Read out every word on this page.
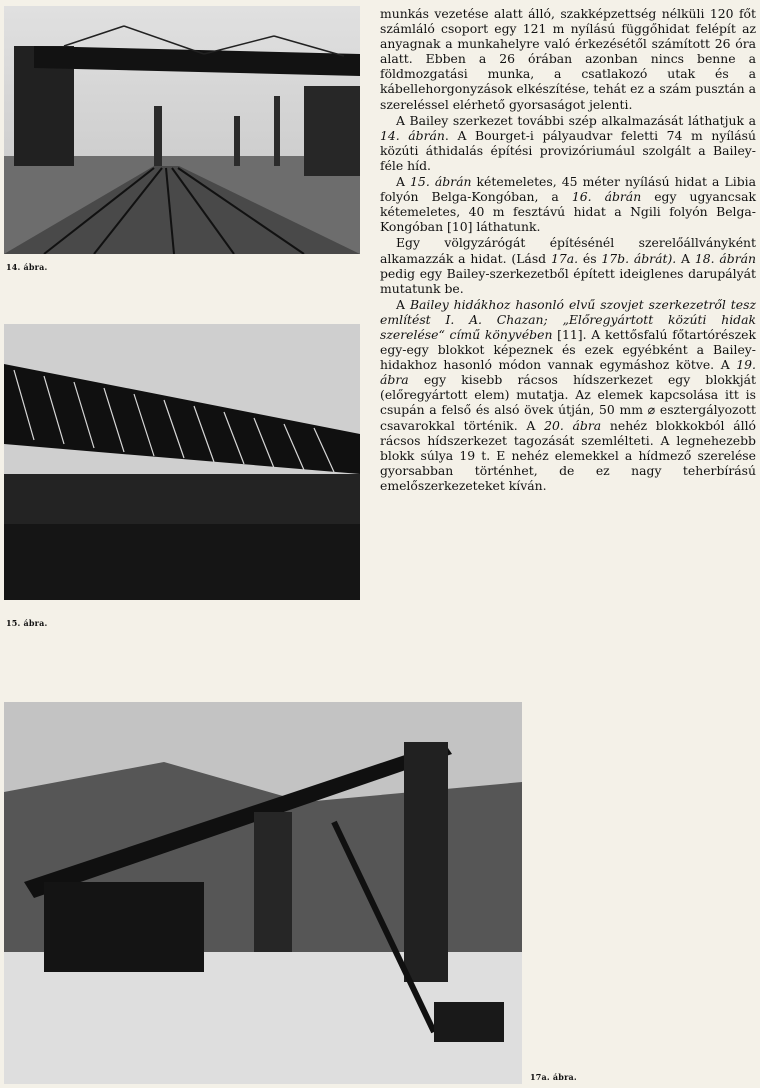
14. ábra.
15. ábra.
17a. ábra.

munkás vezetése alatt álló, szakképzettség nélküli 120 főt számláló csoport egy 121 m nyílású függőhidat felépít az anyagnak a munkahelyre való érkezésétől számított 26 óra alatt. Ebben a 26 órában azonban nincs benne a földmozgatási munka, a csatlakozó utak és a kábellehorgonyzások elkészítése, tehát ez a szám pusztán a szereléssel elérhető gyorsaságot jelenti.

A Bailey szerkezet további szép alkalmazását láthatjuk a 14. ábrán. A Bourget-i pályaudvar feletti 74 m nyílású közúti áthidalás építési provizóriumául szolgált a Bailey-féle híd.

A 15. ábrán kétemeletes, 45 méter nyílású hidat a Libia folyón Belga-Kongóban, a 16. ábrán egy ugyancsak kétemeletes, 40 m fesztávú hidat a Ngili folyón Belga-Kongóban [10] láthatunk.

Egy völgyzárógát építésénél szerelőállványként alkamazzák a hidat. (Lásd 17a. és 17b. ábrát). A 18. ábrán pedig egy Bailey-szerkezetből épített ideiglenes darupályát mutatunk be.

A Bailey hidákhoz hasonló elvű szovjet szerkezetről tesz említést I. A. Chazan; „Előregyártott közúti hidak szerelése“ című könyvében [11]. A kettősfalú főtartórészek egy-egy blokkot képeznek és ezek egyébként a Bailey-hidakhoz hasonló módon vannak egymáshoz kötve. A 19. ábra egy kisebb rácsos hídszerkezet egy blokkját (előregyártott elem) mutatja. Az elemek kapcsolása itt is csupán a felső és alsó övek útján, 50 mm ⌀ esztergályozott csavarokkal történik. A 20. ábra nehéz blokkokból álló rácsos hídszerkezet tagozását szemlélteti. A legnehezebb blokk súlya 19 t. E nehéz elemekkel a hídmező szerelése gyorsabban történhet, de ez nagy teherbírású emelőszerkezeteket kíván.
